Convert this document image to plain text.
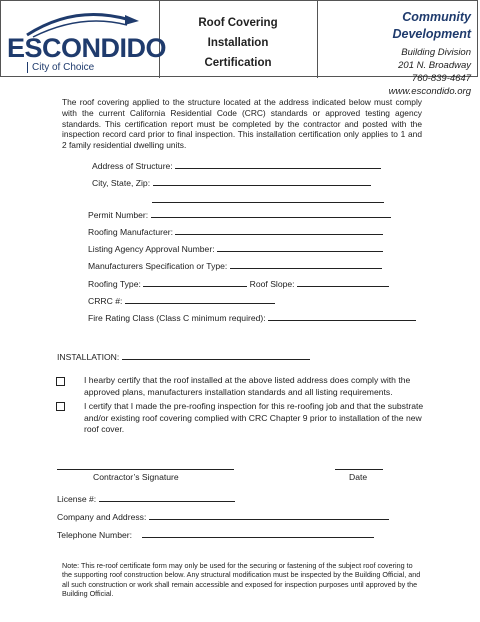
ESCONDIDO
City of Choice
Roof Covering
Installation
Certification
Community Development
Building Division
201 N. Broadway
760-839-4647
www.escondido.org
The roof covering applied to the structure located at the address indicated below must comply with the current California Residential Code (CRC) standards or approved testing agency standards. This certification report must be completed by the contractor and posted with the inspection record card prior to final inspection. This installation certification only applies to 1 and 2 family residential dwelling units.
Address of Structure:
City, State, Zip:
Permit Number:
Roofing Manufacturer:
Listing Agency Approval Number:
Manufacturers Specification or Type:
Roofing Type:	Roof Slope:
CRRC #:
Fire Rating Class (Class C minimum required):
INSTALLATION:
I hearby certify that the roof installed at the above listed address does comply with the approved plans, manufacturers installation standards and all listing requirements.
I certify that I made the pre-roofing inspection for this re-roofing job and that the substrate and/or existing roof covering complied with CRC Chapter 9 prior to installation of the new roof cover.
Contractor’s Signature	Date
License #:
Company and Address:
Telephone Number:
Note: This re-roof certificate form may only be used for the securing or fastening of the subject roof covering to the supporting roof construction below. Any structural modification must be inspected by the Building Official, and all such construction or work shall remain accessible and exposed for inspection purposes until approved by the Building Official.
